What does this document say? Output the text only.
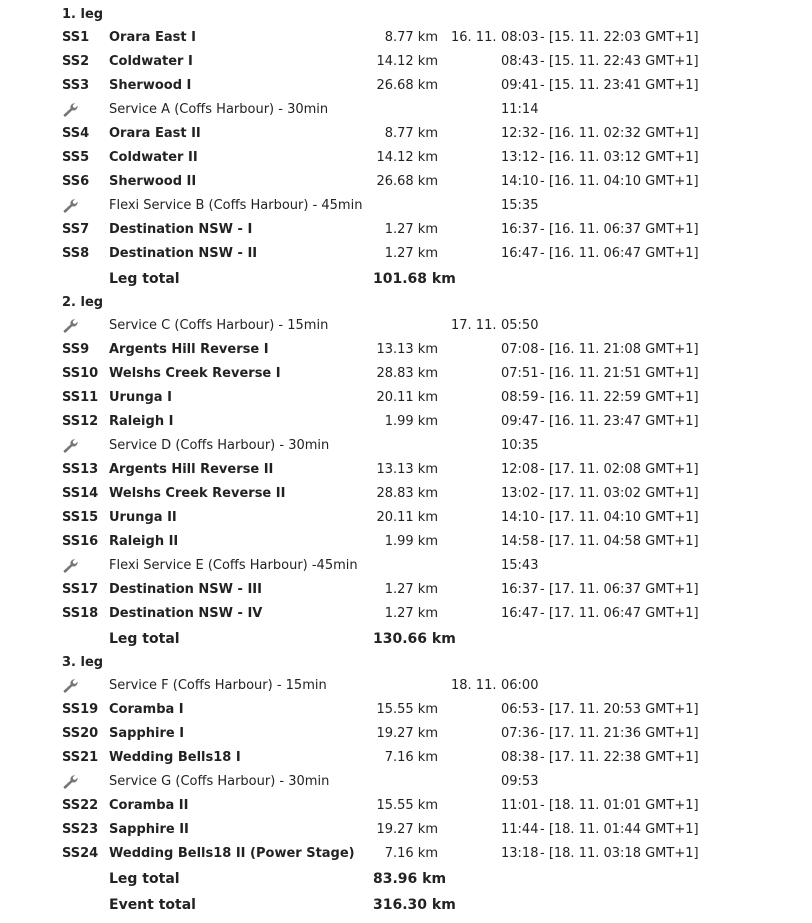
1. leg
SS1 Orara East I	8.77 km 16. 11. 08:03 - [15. 11. 22:03 GMT+1]
SS2 Coldwater I	14.12 km	08:43 - [15. 11. 22:43 GMT+1]
SS3 Sherwood I	26.68 km	09:41 - [15. 11. 23:41 GMT+1]
Service A (Coffs Harbour) - 30min	11:14
SS4 Orara East II	8.77 km	12:32 - [16. 11. 02:32 GMT+1]
SS5 Coldwater II	14.12 km	13:12 - [16. 11. 03:12 GMT+1]
SS6 Sherwood II	26.68 km	14:10 - [16. 11. 04:10 GMT+1]
Flexi Service B (Coffs Harbour) - 45min	15:35
SS7 Destination NSW - I	1.27 km	16:37 - [16. 11. 06:37 GMT+1]
SS8 Destination NSW - II	1.27 km	16:47 - [16. 11. 06:47 GMT+1]
Leg total	101.68 km
2. leg
Service C (Coffs Harbour) - 15min	17. 11. 05:50
SS9 Argents Hill Reverse I	13.13 km	07:08 - [16. 11. 21:08 GMT+1]
SS10 Welshs Creek Reverse I	28.83 km	07:51 - [16. 11. 21:51 GMT+1]
SS11 Urunga I	20.11 km	08:59 - [16. 11. 22:59 GMT+1]
SS12 Raleigh I	1.99 km	09:47 - [16. 11. 23:47 GMT+1]
Service D (Coffs Harbour) - 30min	10:35
SS13 Argents Hill Reverse II	13.13 km	12:08 - [17. 11. 02:08 GMT+1]
SS14 Welshs Creek Reverse II	28.83 km	13:02 - [17. 11. 03:02 GMT+1]
SS15 Urunga II	20.11 km	14:10 - [17. 11. 04:10 GMT+1]
SS16 Raleigh II	1.99 km	14:58 - [17. 11. 04:58 GMT+1]
Flexi Service E (Coffs Harbour) -45min	15:43
SS17 Destination NSW - III	1.27 km	16:37 - [17. 11. 06:37 GMT+1]
SS18 Destination NSW - IV	1.27 km	16:47 - [17. 11. 06:47 GMT+1]
Leg total	130.66 km
3. leg
Service F (Coffs Harbour) - 15min	18. 11. 06:00
SS19 Coramba I	15.55 km	06:53 - [17. 11. 20:53 GMT+1]
SS20 Sapphire I	19.27 km	07:36 - [17. 11. 21:36 GMT+1]
SS21 Wedding Bells18 I	7.16 km	08:38 - [17. 11. 22:38 GMT+1]
Service G (Coffs Harbour) - 30min	09:53
SS22 Coramba II	15.55 km	11:01 - [18. 11. 01:01 GMT+1]
SS23 Sapphire II	19.27 km	11:44 - [18. 11. 01:44 GMT+1]
SS24 Wedding Bells18 II (Power Stage) 7.16 km	13:18 - [18. 11. 03:18 GMT+1]
Leg total	83.96 km
Event total	316.30 km
